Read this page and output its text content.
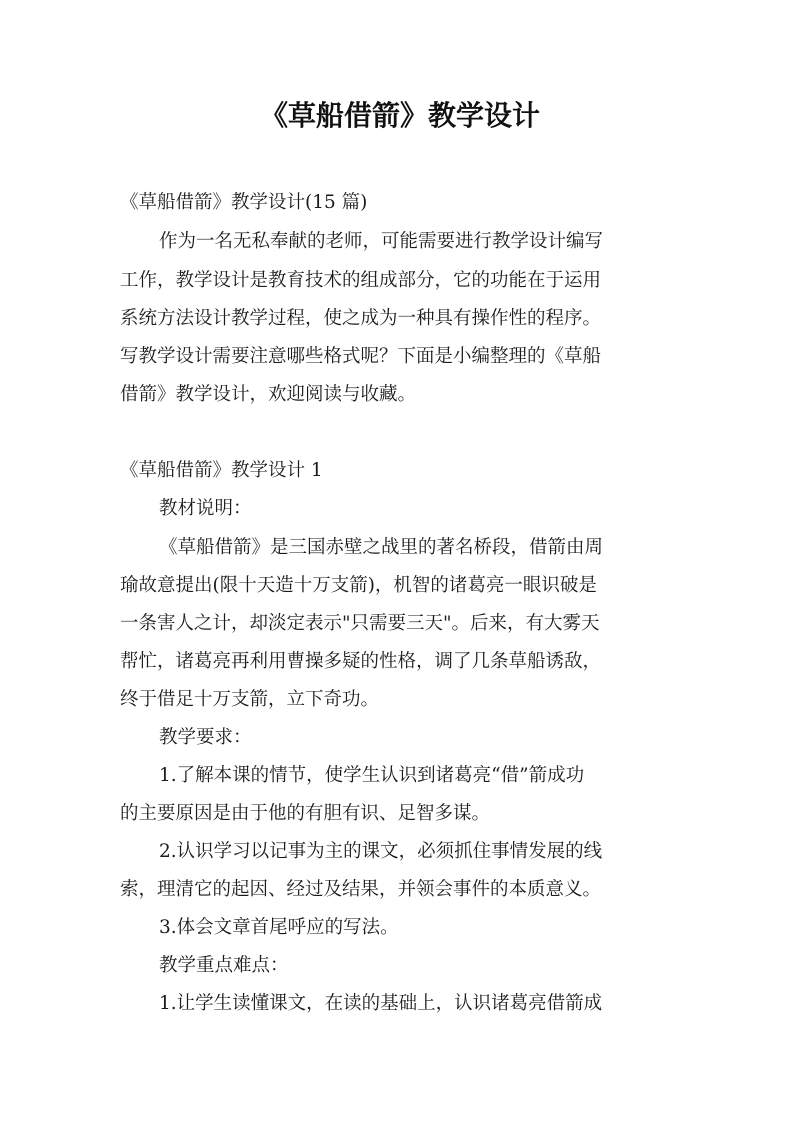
《草船借箭》教学设计

《草船借箭》教学设计(15 篇)

作为一名无私奉献的老师，可能需要进行教学设计编写

工作，教学设计是教育技术的组成部分，它的功能在于运用

系统方法设计教学过程，使之成为一种具有操作性的程序。

写教学设计需要注意哪些格式呢？下面是小编整理的《草船

借箭》教学设计，欢迎阅读与收藏。

《草船借箭》教学设计 1

教材说明：

《草船借箭》是三国赤壁之战里的著名桥段，借箭由周

瑜故意提出(限十天造十万支箭)，机智的诸葛亮一眼识破是

一条害人之计，却淡定表示"只需要三天"。后来，有大雾天

帮忙，诸葛亮再利用曹操多疑的性格，调了几条草船诱敌，

终于借足十万支箭，立下奇功。

教学要求：

1.了解本课的情节，使学生认识到诸葛亮“借”箭成功

的主要原因是由于他的有胆有识、足智多谋。

2.认识学习以记事为主的课文，必须抓住事情发展的线

索，理清它的起因、经过及结果，并领会事件的本质意义。

3.体会文章首尾呼应的写法。

教学重点难点：

1.让学生读懂课文，在读的基础上，认识诸葛亮借箭成
